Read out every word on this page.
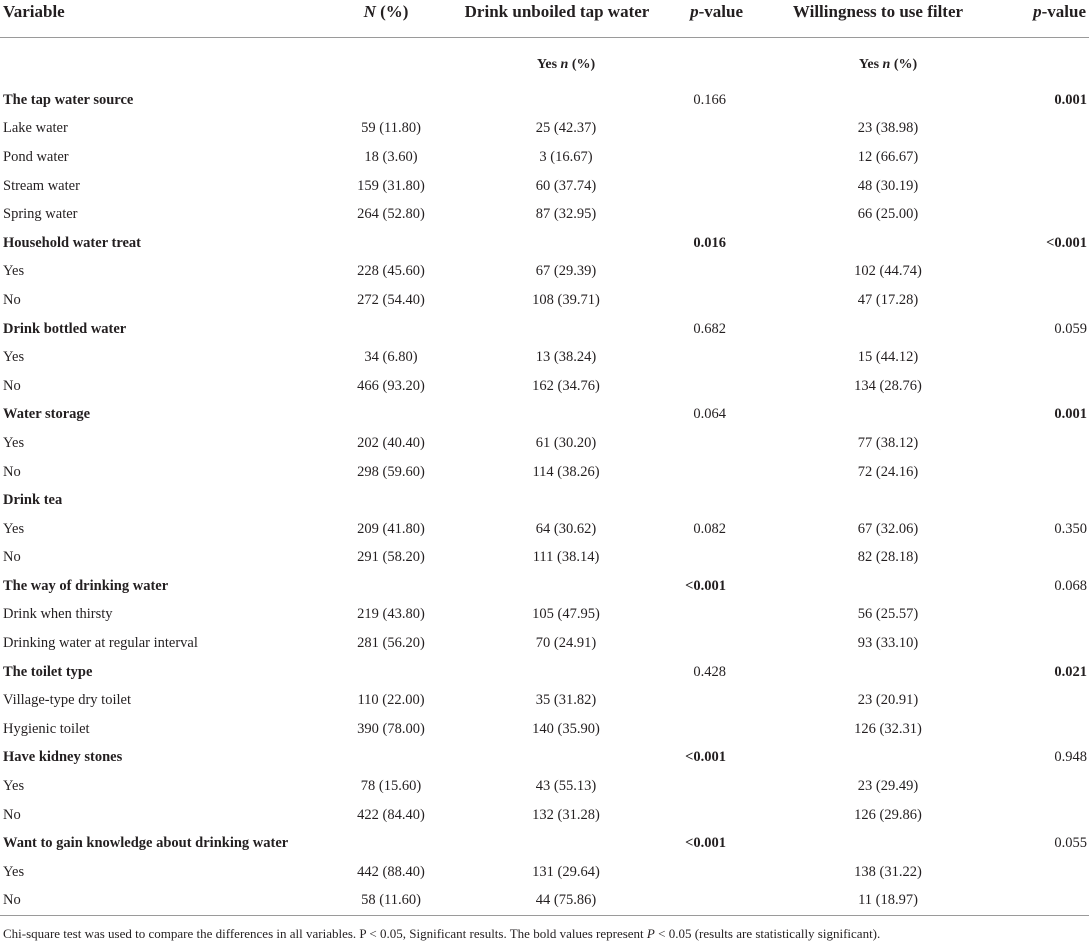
Variable	N (%)	Drink unboiled tap water	p-value	Willingness to use filter	p-value
		Yes n (%)		Yes n (%)	
The tap water source			0.166		0.001
Lake water	59 (11.80)	25 (42.37)		23 (38.98)	
Pond water	18 (3.60)	3 (16.67)		12 (66.67)	
Stream water	159 (31.80)	60 (37.74)		48 (30.19)	
Spring water	264 (52.80)	87 (32.95)		66 (25.00)	
Household water treat			0.016		<0.001
Yes	228 (45.60)	67 (29.39)		102 (44.74)	
No	272 (54.40)	108 (39.71)		47 (17.28)	
Drink bottled water			0.682		0.059
Yes	34 (6.80)	13 (38.24)		15 (44.12)	
No	466 (93.20)	162 (34.76)		134 (28.76)	
Water storage			0.064		0.001
Yes	202 (40.40)	61 (30.20)		77 (38.12)	
No	298 (59.60)	114 (38.26)		72 (24.16)	
Drink tea					
Yes	209 (41.80)	64 (30.62)	0.082	67 (32.06)	0.350
No	291 (58.20)	111 (38.14)		82 (28.18)	
The way of drinking water			<0.001		0.068
Drink when thirsty	219 (43.80)	105 (47.95)		56 (25.57)	
Drinking water at regular interval	281 (56.20)	70 (24.91)		93 (33.10)	
The toilet type			0.428		0.021
Village-type dry toilet	110 (22.00)	35 (31.82)		23 (20.91)	
Hygienic toilet	390 (78.00)	140 (35.90)		126 (32.31)	
Have kidney stones			<0.001		0.948
Yes	78 (15.60)	43 (55.13)		23 (29.49)	
No	422 (84.40)	132 (31.28)		126 (29.86)	
Want to gain knowledge about drinking water			<0.001		0.055
Yes	442 (88.40)	131 (29.64)		138 (31.22)	
No	58 (11.60)	44 (75.86)		11 (18.97)	
Chi-square test was used to compare the differences in all variables. P < 0.05, Significant results. The bold values represent P < 0.05 (results are statistically significant).
